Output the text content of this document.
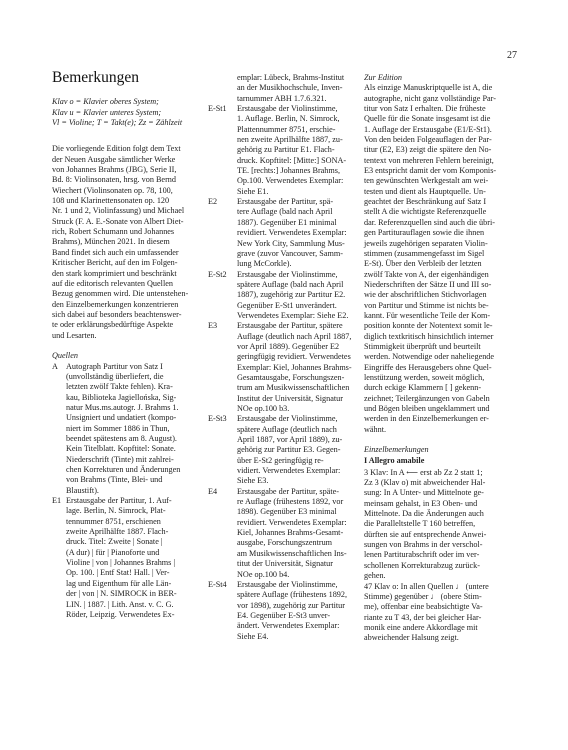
27
Bemerkungen
Klav o = Klavier oberes System;
Klav u = Klavier unteres System;
Vl = Violine; T = Takt(e); Zz = Zählzeit
Die vorliegende Edition folgt dem Text
der Neuen Ausgabe sämtlicher Werke
von Johannes Brahms (JBG), Serie II,
Bd. 8: Violinsonaten, hrsg. von Bernd
Wiechert (Violinsonaten op. 78, 100,
108 und Klarinettensonaten op. 120
Nr. 1 und 2, Violinfassung) und Michael
Struck (F. A. E.-Sonate von Albert Diet-
rich, Robert Schumann und Johannes
Brahms), München 2021. In diesem
Band findet sich auch ein umfassender
Kritischer Bericht, auf den im Folgen-
den stark komprimiert und beschränkt
auf die editorisch relevanten Quellen
Bezug genommen wird. Die untenstehen-
den Einzelbemerkungen konzentrieren
sich dabei auf besonders beachtenswer-
te oder erklärungsbedürftige Aspekte
und Lesarten.
Quellen
A Autograph Partitur von Satz I
(unvollständig überliefert, die
letzten zwölf Takte fehlen). Kra-
kau, Biblioteka Jagiellońska, Sig-
natur Mus.ms.autogr. J. Brahms 1.
Unsigniert und undatiert (kompo-
niert im Sommer 1886 in Thun,
beendet spätestens am 8. August).
Kein Titelblatt. Kopftitel: Sonate.
Niederschrift (Tinte) mit zahlrei-
chen Korrekturen und Änderungen
von Brahms (Tinte, Blei- und
Blaustift).
E1 Erstausgabe der Partitur, 1. Auf-
lage. Berlin, N. Simrock, Plat-
tennummer 8751, erschienen
zweite Aprilhälfte 1887. Flach-
druck. Titel: Zweite | Sonate |
(A dur) | für | Pianoforte und
Violine | von | Johannes Brahms |
Op. 100. | Entf Stat! Hall. | Ver-
lag und Eigenthum für alle Län-
der | von | N. SIMROCK in BER-
LIN. | 1887. | Lith. Anst. v. C. G.
Röder, Leipzig. Verwendetes Ex-
emplar: Lübeck, Brahms-Institut
an der Musikhochschule, Inven-
tarnummer ABH 1.7.6.321.
E-St1	Erstausgabe der Violinstimme,
1. Auflage. Berlin, N. Simrock,
Plattennummer 8751, erschie-
nen zweite Aprilhälfte 1887, zu-
gehörig zu Partitur E1. Flach-
druck. Kopftitel: [Mitte:] SONA-
TE. [rechts:] Johannes Brahms,
Op.100. Verwendetes Exemplar:
Siehe E1.
E2	Erstausgabe der Partitur, spä-
tere Auflage (bald nach April
1887). Gegenüber E1 minimal
revidiert. Verwendetes Exemplar:
New York City, Sammlung Mus-
grave (zuvor Vancouver, Samm-
lung McCorkle).
E-St2	Erstausgabe der Violinstimme,
spätere Auflage (bald nach April
1887), zugehörig zur Partitur E2.
Gegenüber E-St1 unverändert.
Verwendetes Exemplar: Siehe E2.
E3	Erstausgabe der Partitur, spätere
Auflage (deutlich nach April 1887,
vor April 1889). Gegenüber E2
geringfügig revidiert. Verwendetes
Exemplar: Kiel, Johannes Brahms-
Gesamtausgabe, Forschungszen-
trum am Musikwissenschaftlichen
Institut der Universität, Signatur
NOe op.100 b3.
E-St3	Erstausgabe der Violinstimme,
spätere Auflage (deutlich nach
April 1887, vor April 1889), zu-
gehörig zur Partitur E3. Gegen-
über E-St2 geringfügig re-
vidiert. Verwendetes Exemplar:
Siehe E3.
E4	Erstausgabe der Partitur, späte-
re Auflage (frühestens 1892, vor
1898). Gegenüber E3 minimal
revidiert. Verwendetes Exemplar:
Kiel, Johannes Brahms-Gesamt-
ausgabe, Forschungszentrum
am Musikwissenschaftlichen Ins-
titut der Universität, Signatur
NOe op.100 b4.
E-St4	Erstausgabe der Violinstimme,
spätere Auflage (frühestens 1892,
vor 1898), zugehörig zur Partitur
E4. Gegenüber E-St3 unver-
ändert. Verwendetes Exemplar:
Siehe E4.
Zur Edition
Als einzige Manuskriptquelle ist A, die
autographe, nicht ganz vollständige Par-
titur von Satz I erhalten. Die früheste
Quelle für die Sonate insgesamt ist die
1. Auflage der Erstausgabe (E1/E-St1).
Von den beiden Folgeauflagen der Par-
titur (E2, E3) zeigt die spätere den No-
tentext von mehreren Fehlern bereinigt,
E3 entspricht damit der vom Komponis-
ten gewünschten Werkgestalt am wei-
testen und dient als Hauptquelle. Un-
geachtet der Beschränkung auf Satz I
stellt A die wichtigste Referenzquelle
dar. Referenzquellen sind auch die übri-
gen Partiturauflagen sowie die ihnen
jeweils zugehörigen separaten Violin-
stimmen (zusammengefasst im Sigel
E-St). Über den Verbleib der letzten
zwölf Takte von A, der eigenhändigen
Niederschriften der Sätze II und III so-
wie der abschriftlichen Stichvorlagen
von Partitur und Stimme ist nichts be-
kannt. Für wesentliche Teile der Kom-
position konnte der Notentext somit le-
diglich textkritisch hinsichtlich interner
Stimmigkeit überprüft und beurteilt
werden. Notwendige oder naheliegende
Eingriffe des Herausgebers ohne Quel-
lenstützung werden, soweit möglich,
durch eckige Klammern [ ] gekenn-
zeichnet; Teilergänzungen von Gabeln
und Bögen bleiben ungeklammert und
werden in den Einzelbemerkungen er-
wähnt.
Einzelbemerkungen
I Allegro amabile
3 Klav: In A ⟵ erst ab Zz 2 statt 1;
Zz 3 (Klav o) mit abweichender Hal-
sung: In A Unter- und Mittelnote ge-
meinsam gehalst, in E3 Oben- und
Mittelnote. Da die Änderungen auch
die Paralleltstelle T 160 betreffen,
dürften sie auf entsprechende Anwei-
sungen von Brahms in der verschol-
lenen Partiturabschrift oder im ver-
schollenen Korrekturabzug zurück-
gehen.
47 Klav o: In allen Quellen ♩ (untere
Stimme) gegenüber ♩ (obere Stim-
me), offenbar eine beabsichtigte Va-
riante zu T 43, der bei gleicher Har-
monik eine andere Akkordlage mit
abweichender Halsung zeigt.
